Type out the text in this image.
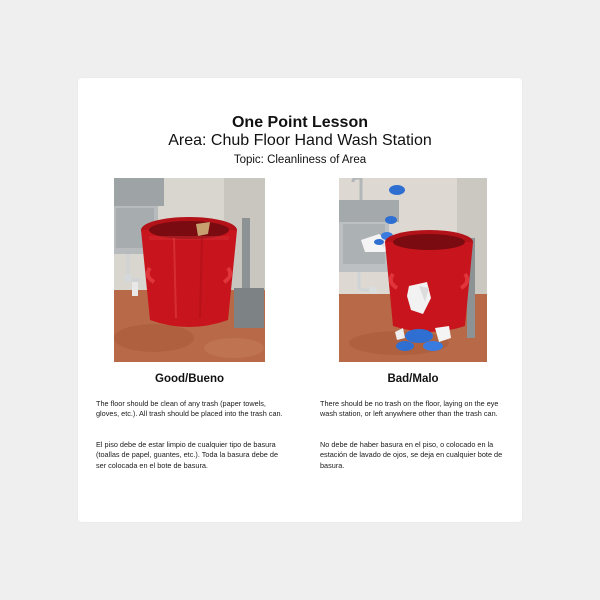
One Point Lesson
Area: Chub Floor Hand Wash Station
Topic: Cleanliness of Area
Good/Bueno	Bad/Malo
The floor should be clean of any trash (paper towels, gloves, etc.). All trash should be placed into the trash can.
El piso debe de estar limpio de cualquier tipo de basura (toallas de papel, guantes, etc.). Toda la basura debe de ser colocada en el bote de basura.
There should be no trash on the floor, laying on the eye wash station, or left anywhere other than the trash can.
No debe de haber basura en el piso, o colocado en la estación de lavado de ojos, se deja en cualquier bote de basura.
